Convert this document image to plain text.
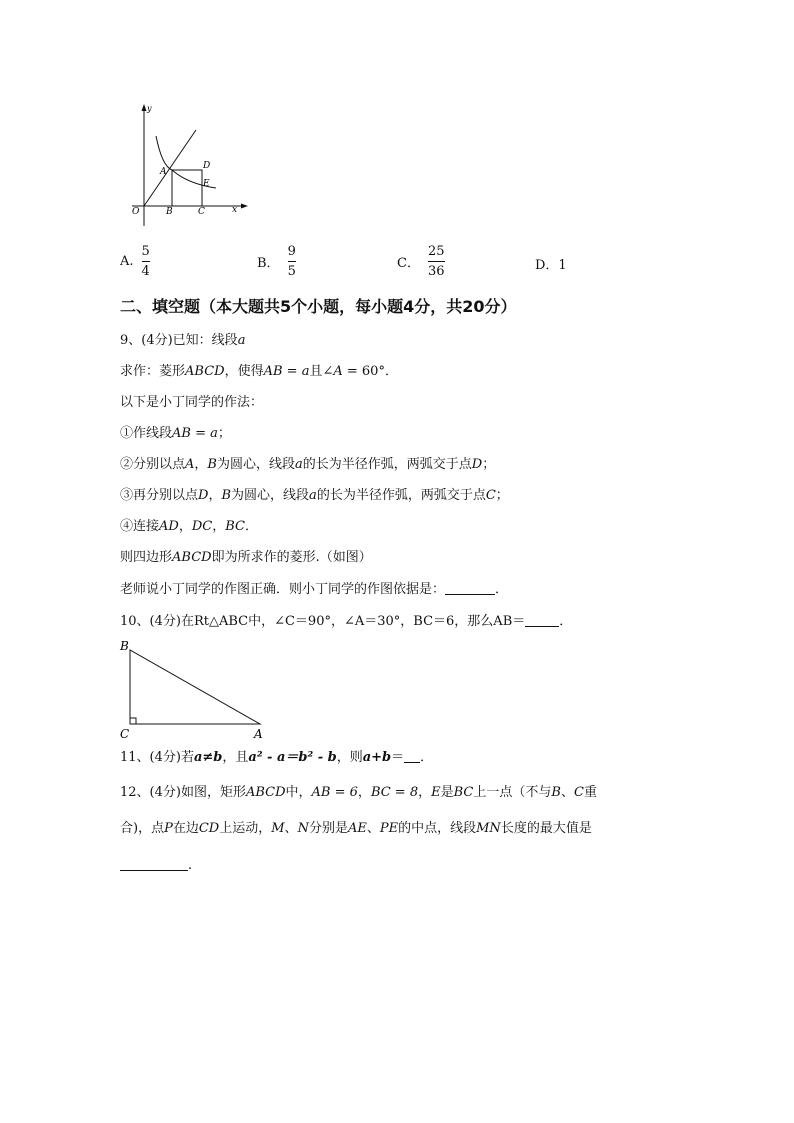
y
x
O
A
B	C
D
E
A. $\frac{5}{4}$	B． $\frac{9}{5}$	C． $\frac{25}{36}$	D．1
二、填空题（本大题共5个小题，每小题4分，共20分）
9、(4分)已知：线段a
求作：菱形ABCD，使得AB = a且∠A = 60°．
以下是小丁同学的作法：
①作线段AB = a；
②分别以点A，B为圆心，线段a的长为半径作弧，两弧交于点D；
③再分别以点D，B为圆心，线段a的长为半径作弧，两弧交于点C；
④连接AD，DC，BC．
则四边形ABCD即为所求作的菱形.（如图）
老师说小丁同学的作图正确．则小丁同学的作图依据是：	．
10、(4分)在Rt△ABC中，∠C＝90°，∠A＝30°，BC＝6，那么AB＝	．
B
C	A
11、(4分)若a≠b，且a² - a＝b² - b，则a+b＝ ．
12、(4分)如图，矩形ABCD中，AB = 6，BC = 8，E是BC上一点（不与B、C重
合)，点P在边CD上运动，M、N分别是AE、PE的中点，线段MN长度的最大值是
.
